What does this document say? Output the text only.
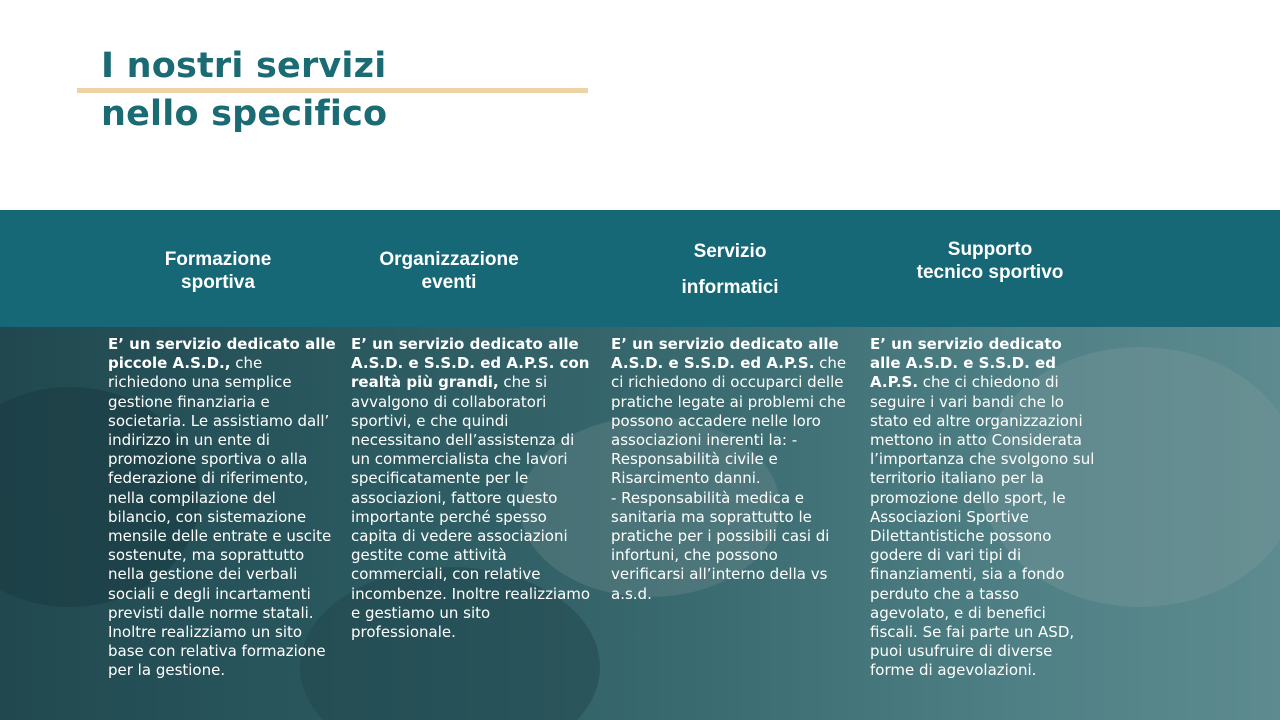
I nostri servizi
nello specifico
Formazione
sportiva
Organizzazione
eventi
Servizio
informatici
Supporto
tecnico sportivo
E’ un servizio dedicato alle piccole A.S.D., che richiedono una semplice gestione finanziaria e societaria. Le assistiamo dall’ indirizzo in un ente di promozione sportiva o alla federazione di riferimento, nella compilazione del bilancio, con sistemazione mensile delle entrate e uscite sostenute, ma soprattutto nella gestione dei verbali sociali e degli incartamenti previsti dalle norme statali. Inoltre realizziamo un sito base con relativa formazione per la gestione.
E’ un servizio dedicato alle A.S.D. e S.S.D. ed A.P.S. con realtà più grandi, che si avvalgono di collaboratori sportivi, e che quindi necessitano dell’assistenza di un commercialista che lavori specificatamente per le associazioni, fattore questo importante perché spesso capita di vedere associazioni gestite come attività commerciali, con relative incombenze. Inoltre realizziamo e gestiamo un sito professionale.
E’ un servizio dedicato alle A.S.D. e S.S.D. ed A.P.S. che ci richiedono di occuparci delle pratiche legate ai problemi che possono accadere nelle loro associazioni inerenti la: - Responsabilità civile e Risarcimento danni.
- Responsabilità medica e sanitaria ma soprattutto le pratiche per i possibili casi di infortuni, che possono verificarsi all’interno della vs a.s.d.
E’ un servizio dedicato alle A.S.D. e S.S.D. ed A.P.S. che ci chiedono di seguire i vari bandi che lo stato ed altre organizzazioni mettono in atto Considerata l’importanza che svolgono sul territorio italiano per la promozione dello sport, le Associazioni Sportive Dilettantistiche possono godere di vari tipi di finanziamenti, sia a fondo perduto che a tasso agevolato, e di benefici fiscali. Se fai parte un ASD, puoi usufruire di diverse forme di agevolazioni.
